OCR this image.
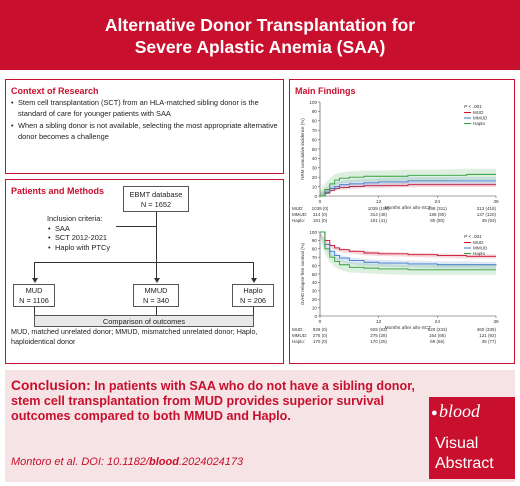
Alternative Donor Transplantation for
Severe Aplastic Anemia (SAA)
Context of Research
• Stem cell transplantation (SCT) from an HLA-matched sibling donor is the standard of care for younger patients with SAA
• When a sibling donor is not available, selecting the most appropriate alternative donor becomes a challenge
Patients and Methods	EBMT database
N = 1652
Inclusion criteria:
• SAA
• SCT 2012-2021
• Haplo with PTCy
MUD
N = 1106
MMUD
N = 340
Haplo
N = 206
Comparison of outcomes
MUD, matched unrelated donor; MMUD, mismatched unrelated donor; Haplo, haploidentical donor
Main Findings
0
10
20
30
40
50
60
70
80
90
100
0	12	24	36
Months after allo-SCT
NRM cumulative incidence (%)
P < .001
MUD
MMUD
Haplo
MUD: 1039 (0)	1039 (150)	698 (311)	313 (418)
MMUD: 314 (0)	314 (48)	186 (90)	137 (120)
Haplo: 191 (0)	191 (41)	80 (80)	39 (93)
0
10
20
30
40
50
60
70
80
90
100
0	12	24	36
Months after allo-SCT
GvHD relapse-free survival (%)
P < .001
MUD
MMUD
Haplo
MUD: 929 (0)	929 (93)	620 (233)	460 (335)
MMUD: 275 (0)	275 (28)	164 (66)	121 (92)
Haplo: 170 (0)	170 (25)	69 (66)	35 (77)

Conclusion: In patients with SAA who do not have a sibling donor, stem cell transplantation from MUD provides superior survival outcomes compared to both MMUD and Haplo.

Montoro et al. DOI: 10.1182/blood.2024024173
● blood
Visual
Abstract
